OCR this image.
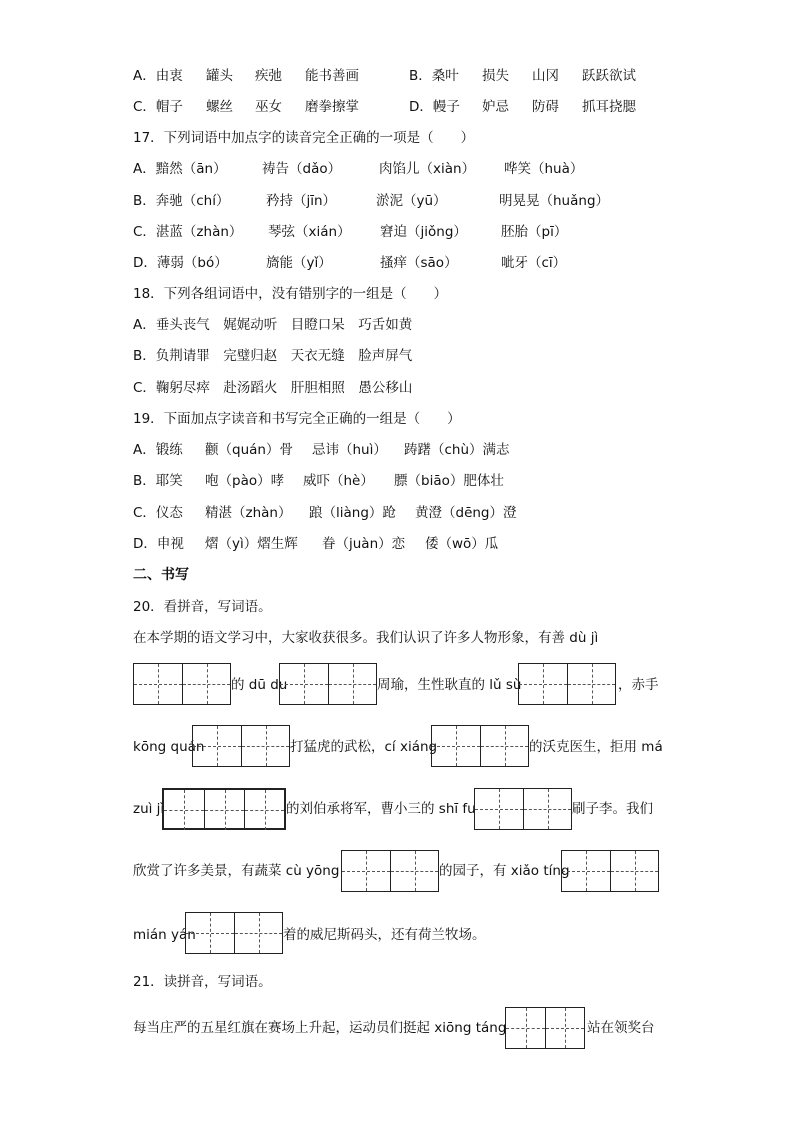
A．由衷 罐头 疾弛 能书善画	B．桑叶 损失 山冈 跃跃欲试
C．帽子 螺丝 巫女 磨拳擦掌	D．幔子 妒忌 防碍 抓耳挠腮
17．下列词语中加点字的读音完全正确的一项是（　　）
A．黯然（ān）	祷告（dǎo）	肉馅儿（xiàn） 哗笑（huà）
B．奔驰（chí）	矜持（jīn）	淤泥（yū）	明晃晃（huǎng）
C．湛蓝（zhàn） 琴弦（xián） 窘迫（jiǒng）	胚胎（pī）
D．薄弱（bó）	旖能（yǐ）	搔痒（sāo）	呲牙（cī）
18．下列各组词语中，没有错别字的一组是（　　）
A．垂头丧气　娓娓动听　目瞪口呆　巧舌如黄
B．负荆请罪　完璧归赵　天衣无缝　脸声屏气
C．鞠躬尽瘁　赴汤蹈火　肝胆相照　愚公移山
19．下面加点字读音和书写完全正确的一组是（　　）
A．锻练 颧（quán）骨 忌讳（huì） 踌躇（chù）满志
B．耶笑 咆（pào）哮 威吓（hè） 膘（biāo）肥体壮
C．仪态 精湛（zhàn） 踉（liàng）跄 黄澄（dēng）澄
D．申视 熠（yì）熠生辉 眷（juàn）恋 倭（wō）瓜
二、书写
20．看拼音，写词语。
在本学期的语文学习中，大家收获很多。我们认识了许多人物形象，有善 dù jì
的 dū du	周瑜，生性耿直的 lǔ sù	，赤手
kōng quán	打猛虎的武松，cí xiáng	的沃克医生，拒用 má
zuì jì	的刘伯承将军，曹小三的 shī fu	刷子李。我们
欣赏了许多美景，有蔬菜 cù yōng	的园子，有 xiǎo tíng
mián yán	着的威尼斯码头，还有荷兰牧场。
21．读拼音，写词语。
每当庄严的五星红旗在赛场上升起，运动员们挺起 xiōng táng	站在领奖台
